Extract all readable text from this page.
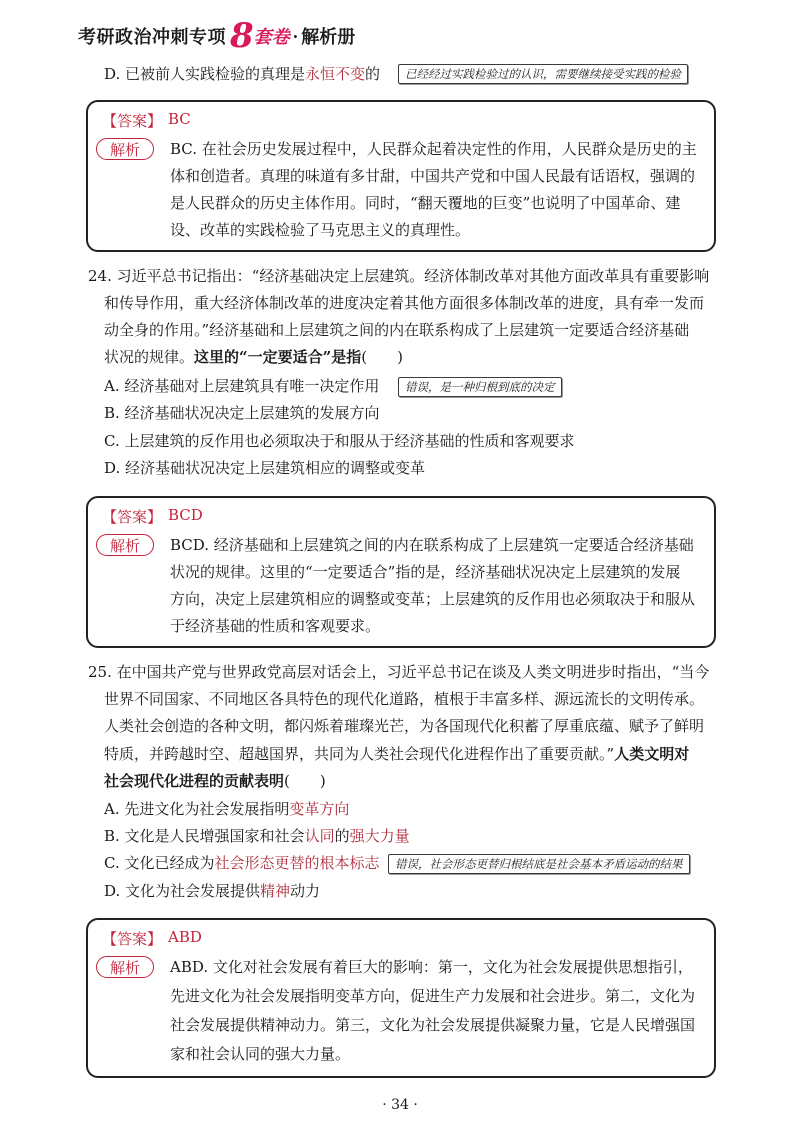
考研政治冲刺专项 8 套卷 · 解析册
D. 已被前人实践检验的真理是永恒不变的	已经经过实践检验过的认识，需要继续接受实践的检验
【答案】 BC
解析	BC. 在社会历史发展过程中，人民群众起着决定性的作用，人民群众是历史的主
体和创造者。真理的味道有多甘甜，中国共产党和中国人民最有话语权，强调的
是人民群众的历史主体作用。同时，“翻天覆地的巨变”也说明了中国革命、建
设、改革的实践检验了马克思主义的真理性。
24. 习近平总书记指出：“经济基础决定上层建筑。经济体制改革对其他方面改革具有重要影响
和传导作用，重大经济体制改革的进度决定着其他方面很多体制改革的进度，具有牵一发而
动全身的作用。”经济基础和上层建筑之间的内在联系构成了上层建筑一定要适合经济基础
状况的规律。这里的“一定要适合”是指(　　)
A. 经济基础对上层建筑具有唯一决定作用	错误，是一种归根到底的决定
B. 经济基础状况决定上层建筑的发展方向
C. 上层建筑的反作用也必须取决于和服从于经济基础的性质和客观要求
D. 经济基础状况决定上层建筑相应的调整或变革
【答案】 BCD
解析	BCD. 经济基础和上层建筑之间的内在联系构成了上层建筑一定要适合经济基础
状况的规律。这里的“一定要适合”指的是，经济基础状况决定上层建筑的发展
方向，决定上层建筑相应的调整或变革；上层建筑的反作用也必须取决于和服从
于经济基础的性质和客观要求。
25. 在中国共产党与世界政党高层对话会上，习近平总书记在谈及人类文明进步时指出，“当今
世界不同国家、不同地区各具特色的现代化道路，植根于丰富多样、源远流长的文明传承。
人类社会创造的各种文明，都闪烁着璀璨光芒，为各国现代化积蓄了厚重底蕴、赋予了鲜明
特质，并跨越时空、超越国界，共同为人类社会现代化进程作出了重要贡献。”人类文明对
社会现代化进程的贡献表明(　　)
A. 先进文化为社会发展指明变革方向
B. 文化是人民增强国家和社会认同的强大力量
C. 文化已经成为社会形态更替的根本标志	错误，社会形态更替归根结底是社会基本矛盾运动的结果
D. 文化为社会发展提供精神动力
【答案】 ABD
解析	ABD. 文化对社会发展有着巨大的影响：第一，文化为社会发展提供思想指引，
先进文化为社会发展指明变革方向，促进生产力发展和社会进步。第二，文化为
社会发展提供精神动力。第三，文化为社会发展提供凝聚力量，它是人民增强国
家和社会认同的强大力量。
· 34 ·
